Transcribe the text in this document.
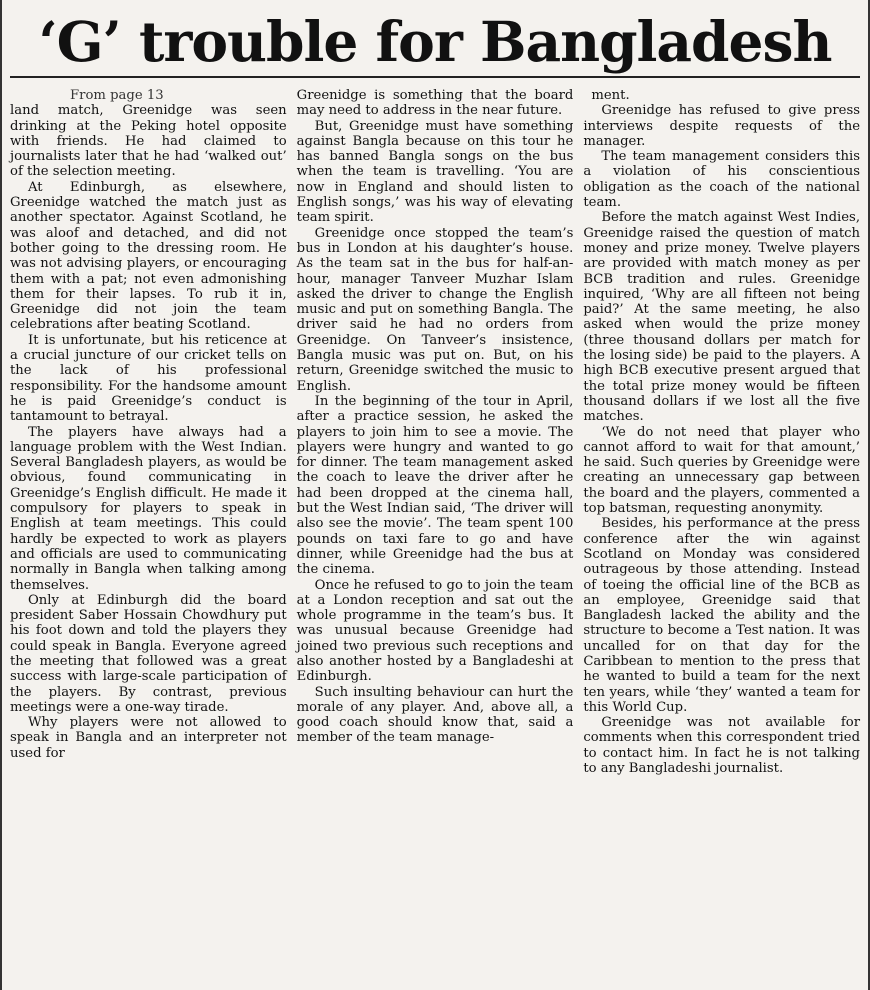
‘G’ trouble for Bangladesh

From page 13

land match, Greenidge was seen drinking at the Peking hotel opposite with friends. He had claimed to journalists later that he had ‘walked out’ of the selection meeting.

At Edinburgh, as elsewhere, Greenidge watched the match just as another spectator. Against Scotland, he was aloof and detached, and did not bother going to the dressing room. He was not advising players, or encouraging them with a pat; not even admonishing them for their lapses. To rub it in, Greenidge did not join the team celebrations after beating Scotland.

It is unfortunate, but his reticence at a crucial juncture of our cricket tells on the lack of his professional responsibility. For the handsome amount he is paid Greenidge’s conduct is tantamount to betrayal.

The players have always had a language problem with the West Indian. Several Bangladesh players, as would be obvious, found communicating in Greenidge’s English difficult. He made it compulsory for players to speak in English at team meetings. This could hardly be expected to work as players and officials are used to communicating normally in Bangla when talking among themselves.

Only at Edinburgh did the board president Saber Hossain Chowdhury put his foot down and told the players they could speak in Bangla. Everyone agreed the meeting that followed was a great success with large-scale participation of the players. By contrast, previous meetings were a one-way tirade.

Why players were not allowed to speak in Bangla and an interpreter not used for

Greenidge is something that the board may need to address in the near future.

But, Greenidge must have something against Bangla because on this tour he has banned Bangla songs on the bus when the team is travelling. ‘You are now in England and should listen to English songs,’ was his way of elevating team spirit.

Greenidge once stopped the team’s bus in London at his daughter’s house. As the team sat in the bus for half-an-hour, manager Tanveer Muzhar Islam asked the driver to change the English music and put on something Bangla. The driver said he had no orders from Greenidge. On Tanveer’s insistence, Bangla music was put on. But, on his return, Greenidge switched the music to English.

In the beginning of the tour in April, after a practice session, he asked the players to join him to see a movie. The players were hungry and wanted to go for dinner. The team management asked the coach to leave the driver after he had been dropped at the cinema hall, but the West Indian said, ‘The driver will also see the movie’. The team spent 100 pounds on taxi fare to go and have dinner, while Greenidge had the bus at the cinema.

Once he refused to go to join the team at a London reception and sat out the whole programme in the team’s bus. It was unusual because Greenidge had joined two previous such receptions and also another hosted by a Bangladeshi at Edinburgh.

Such insulting behaviour can hurt the morale of any player. And, above all, a good coach should know that, said a member of the team manage-

ment.

Greenidge has refused to give press interviews despite requests of the manager.

The team management considers this a violation of his conscientious obligation as the coach of the national team.

Before the match against West Indies, Greenidge raised the question of match money and prize money. Twelve players are provided with match money as per BCB tradition and rules. Greenidge inquired, ‘Why are all fifteen not being paid?’ At the same meeting, he also asked when would the prize money (three thousand dollars per match for the losing side) be paid to the players. A high BCB executive present argued that the total prize money would be fifteen thousand dollars if we lost all the five matches.

‘We do not need that player who cannot afford to wait for that amount,’ he said. Such queries by Greenidge were creating an unnecessary gap between the board and the players, commented a top batsman, requesting anonymity.

Besides, his performance at the press conference after the win against Scotland on Monday was considered outrageous by those attending. Instead of toeing the official line of the BCB as an employee, Greenidge said that Bangladesh lacked the ability and the structure to become a Test nation. It was uncalled for on that day for the Caribbean to mention to the press that he wanted to build a team for the next ten years, while ‘they’ wanted a team for this World Cup.

Greenidge was not available for comments when this correspondent tried to contact him. In fact he is not talking to any Bangladeshi journalist.
